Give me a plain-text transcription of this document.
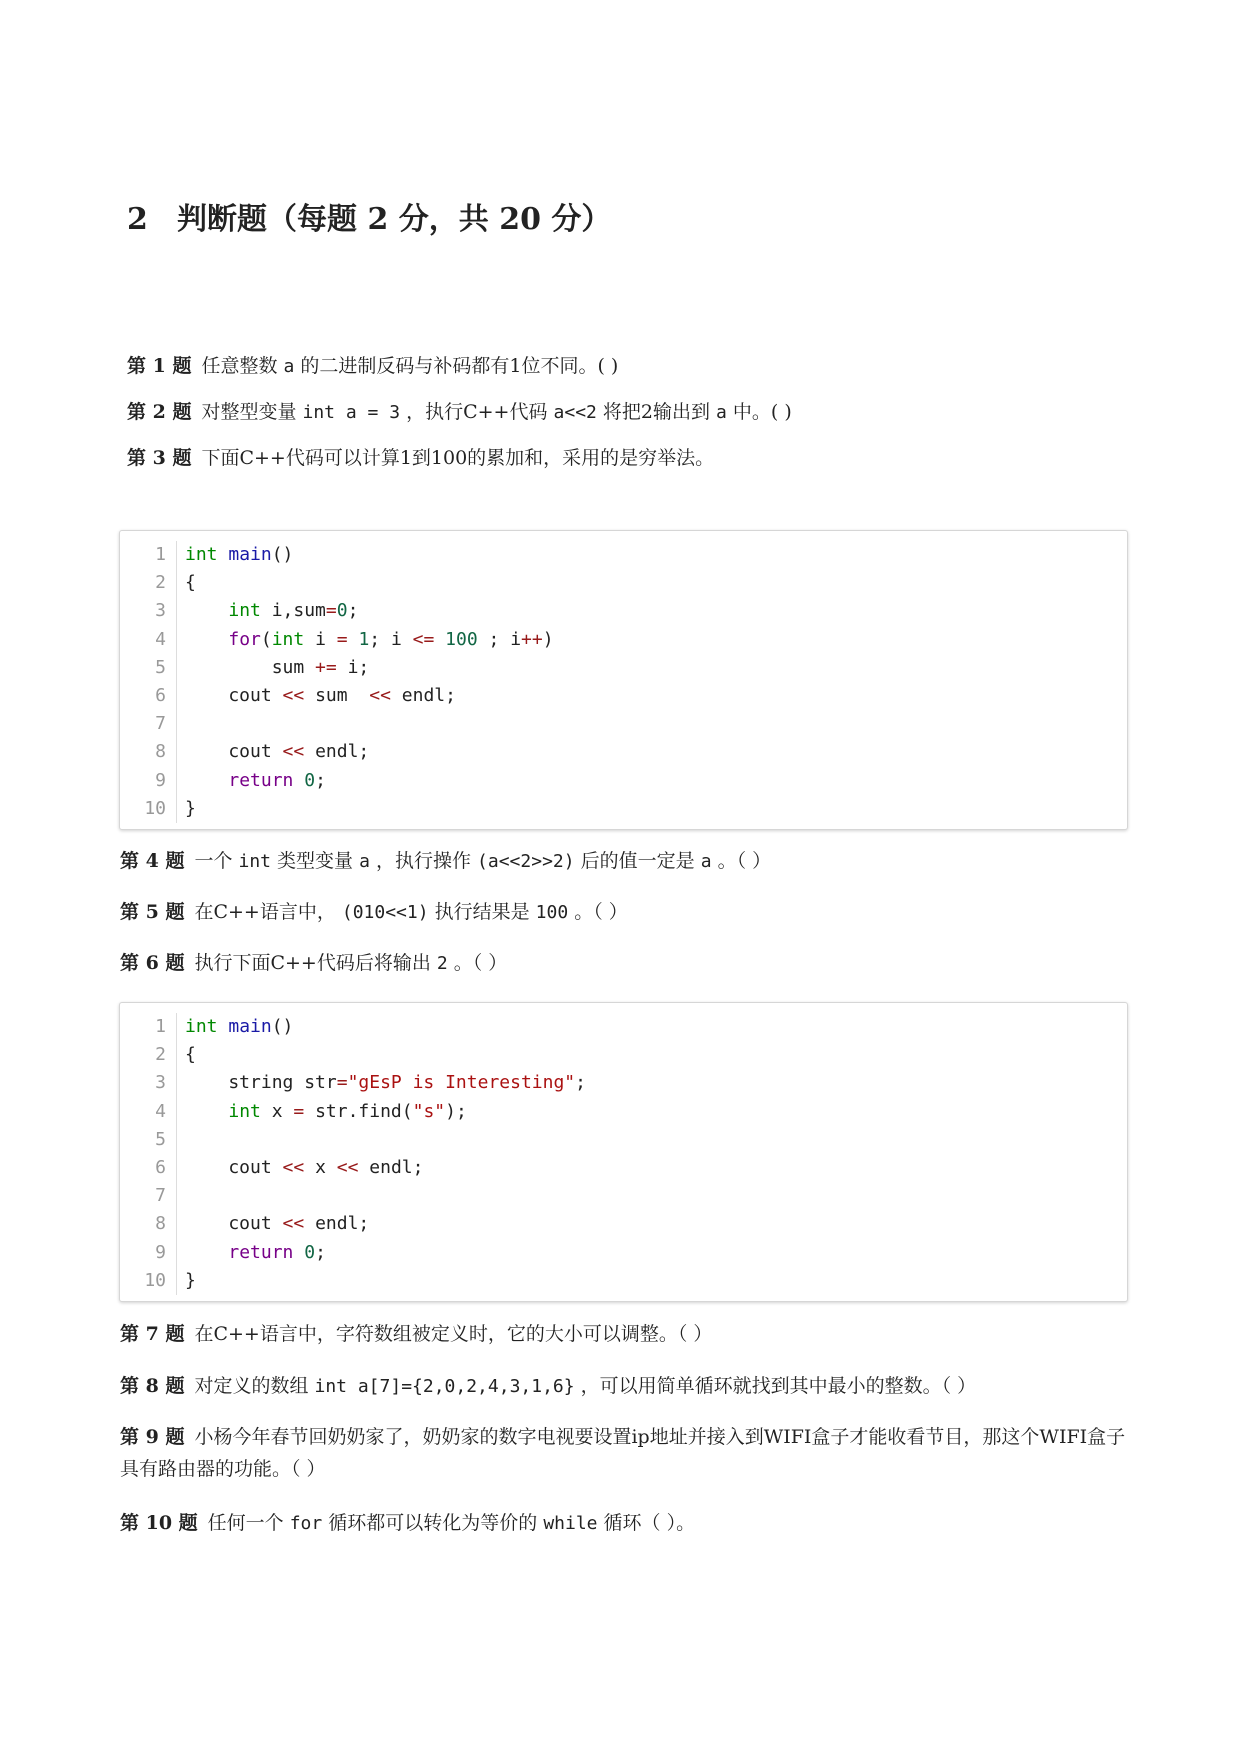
2 判断题（每题 2 分，共 20 分）

第 1 题 任意整数 a 的二进制反码与补码都有1位不同。( )

第 2 题 对整型变量 int a = 3 ，执行C++代码 a<<2 将把2输出到 a 中。( )

第 3 题 下面C++代码可以计算1到100的累加和，采用的是穷举法。

1	int main()
2	{
3	int i,sum=0;
4	for(int i = 1; i <= 100 ; i++)
5	sum += i;
6	cout << sum  << endl;
7
8	cout << endl;
9	return 0;
10	}

第 4 题 一个 int 类型变量 a ，执行操作 (a<<2>>2) 后的值一定是 a 。（ ）

第 5 题 在C++语言中， (010<<1) 执行结果是 100 。（ ）

第 6 题 执行下面C++代码后将输出 2 。（ ）

1	int main()
2	{
3	string str="gEsP is Interesting";
4	int x = str.find("s");
5
6	cout << x << endl;
7
8	cout << endl;
9	return 0;
10	}

第 7 题 在C++语言中，字符数组被定义时，它的大小可以调整。（ ）

第 8 题 对定义的数组 int a[7]={2,0,2,4,3,1,6} ，可以用简单循环就找到其中最小的整数。（ ）

第 9 题 小杨今年春节回奶奶家了，奶奶家的数字电视要设置ip地址并接入到WIFI盒子才能收看节目，那这个WIFI盒子具有路由器的功能。（ ）

第 10 题 任何一个 for 循环都可以转化为等价的 while 循环（ ）。
